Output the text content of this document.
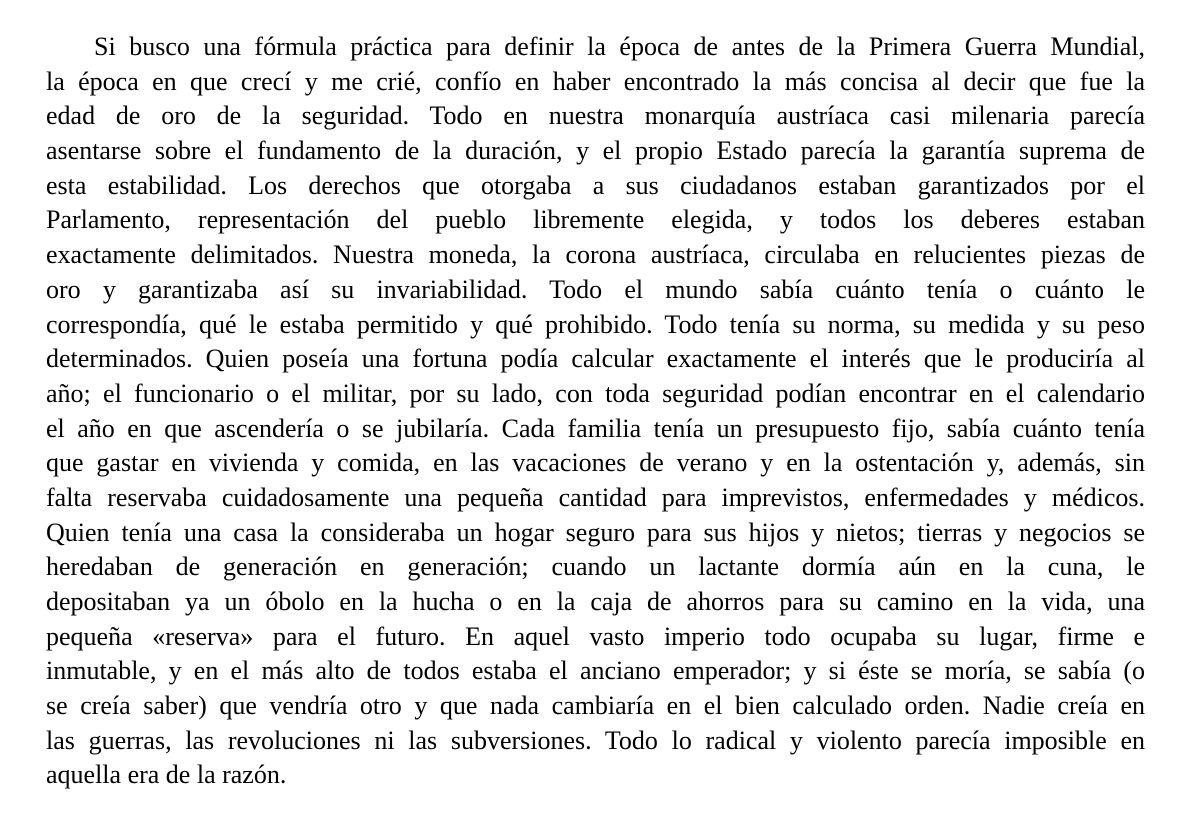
Si busco una fórmula práctica para definir la época de antes de la Primera Guerra Mundial,
la época en que crecí y me crié, confío en haber encontrado la más concisa al decir que fue la
edad de oro de la seguridad. Todo en nuestra monarquía austríaca casi milenaria parecía
asentarse sobre el fundamento de la duración, y el propio Estado parecía la garantía suprema de
esta estabilidad. Los derechos que otorgaba a sus ciudadanos estaban garantizados por el
Parlamento, representación del pueblo libremente elegida, y todos los deberes estaban
exactamente delimitados. Nuestra moneda, la corona austríaca, circulaba en relucientes piezas de
oro y garantizaba así su invariabilidad. Todo el mundo sabía cuánto tenía o cuánto le
correspondía, qué le estaba permitido y qué prohibido. Todo tenía su norma, su medida y su peso
determinados. Quien poseía una fortuna podía calcular exactamente el interés que le produciría al
año; el funcionario o el militar, por su lado, con toda seguridad podían encontrar en el calendario
el año en que ascendería o se jubilaría. Cada familia tenía un presupuesto fijo, sabía cuánto tenía
que gastar en vivienda y comida, en las vacaciones de verano y en la ostentación y, además, sin
falta reservaba cuidadosamente una pequeña cantidad para imprevistos, enfermedades y médicos.
Quien tenía una casa la consideraba un hogar seguro para sus hijos y nietos; tierras y negocios se
heredaban de generación en generación; cuando un lactante dormía aún en la cuna, le
depositaban ya un óbolo en la hucha o en la caja de ahorros para su camino en la vida, una
pequeña «reserva» para el futuro. En aquel vasto imperio todo ocupaba su lugar, firme e
inmutable, y en el más alto de todos estaba el anciano emperador; y si éste se moría, se sabía (o
se creía saber) que vendría otro y que nada cambiaría en el bien calculado orden. Nadie creía en
las guerras, las revoluciones ni las subversiones. Todo lo radical y violento parecía imposible en
aquella era de la razón.
